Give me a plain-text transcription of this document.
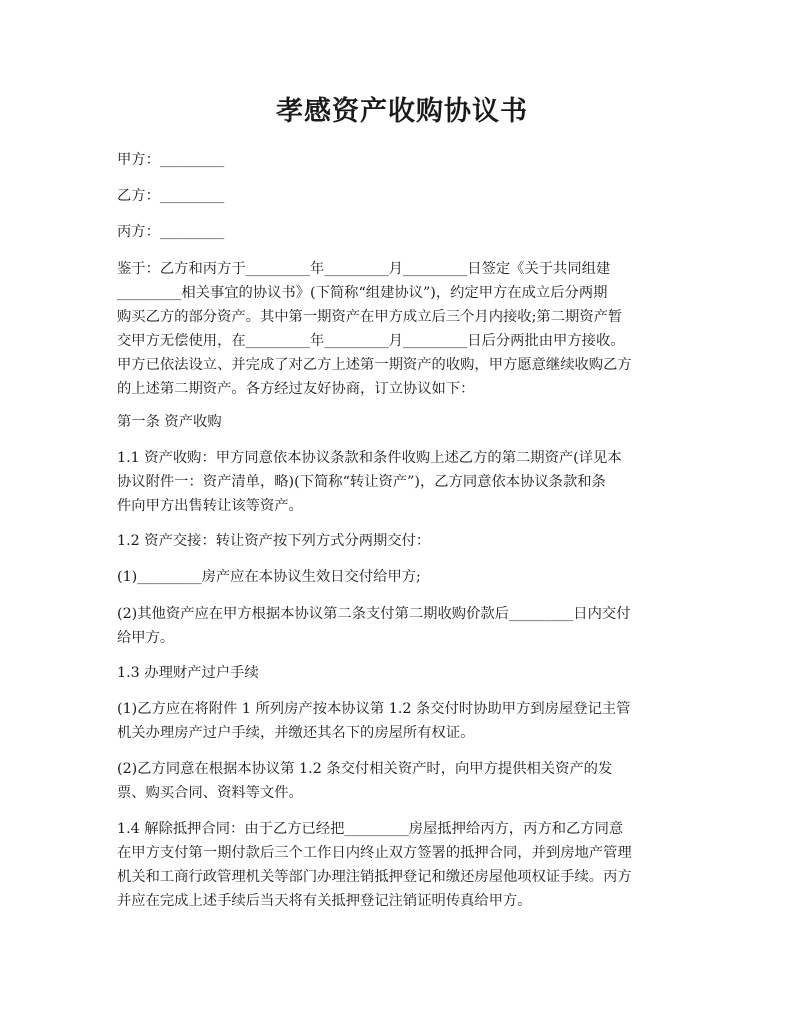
孝感资产收购协议书
甲方：_________
乙方：_________
丙方：_________
鉴于：乙方和丙方于_________年_________月_________日签定《关于共同组建
_________相关事宜的协议书》(下简称“组建协议”)，约定甲方在成立后分两期
购买乙方的部分资产。其中第一期资产在甲方成立后三个月内接收;第二期资产暂
交甲方无偿使用，在_________年_________月_________日后分两批由甲方接收。
甲方已依法设立、并完成了对乙方上述第一期资产的收购，甲方愿意继续收购乙方
的上述第二期资产。各方经过友好协商，订立协议如下：
第一条 资产收购
1.1 资产收购：甲方同意依本协议条款和条件收购上述乙方的第二期资产(详见本
协议附件一：资产清单，略)(下简称“转让资产”)，乙方同意依本协议条款和条
件向甲方出售转让该等资产。
1.2 资产交接：转让资产按下列方式分两期交付：
(1)_________房产应在本协议生效日交付给甲方;
(2)其他资产应在甲方根据本协议第二条支付第二期收购价款后_________日内交付
给甲方。
1.3 办理财产过户手续
(1)乙方应在将附件 1 所列房产按本协议第 1.2 条交付时协助甲方到房屋登记主管
机关办理房产过户手续，并缴还其名下的房屋所有权证。
(2)乙方同意在根据本协议第 1.2 条交付相关资产时，向甲方提供相关资产的发
票、购买合同、资料等文件。
1.4 解除抵押合同：由于乙方已经把_________房屋抵押给丙方，丙方和乙方同意
在甲方支付第一期付款后三个工作日内终止双方签署的抵押合同，并到房地产管理
机关和工商行政管理机关等部门办理注销抵押登记和缴还房屋他项权证手续。丙方
并应在完成上述手续后当天将有关抵押登记注销证明传真给甲方。
